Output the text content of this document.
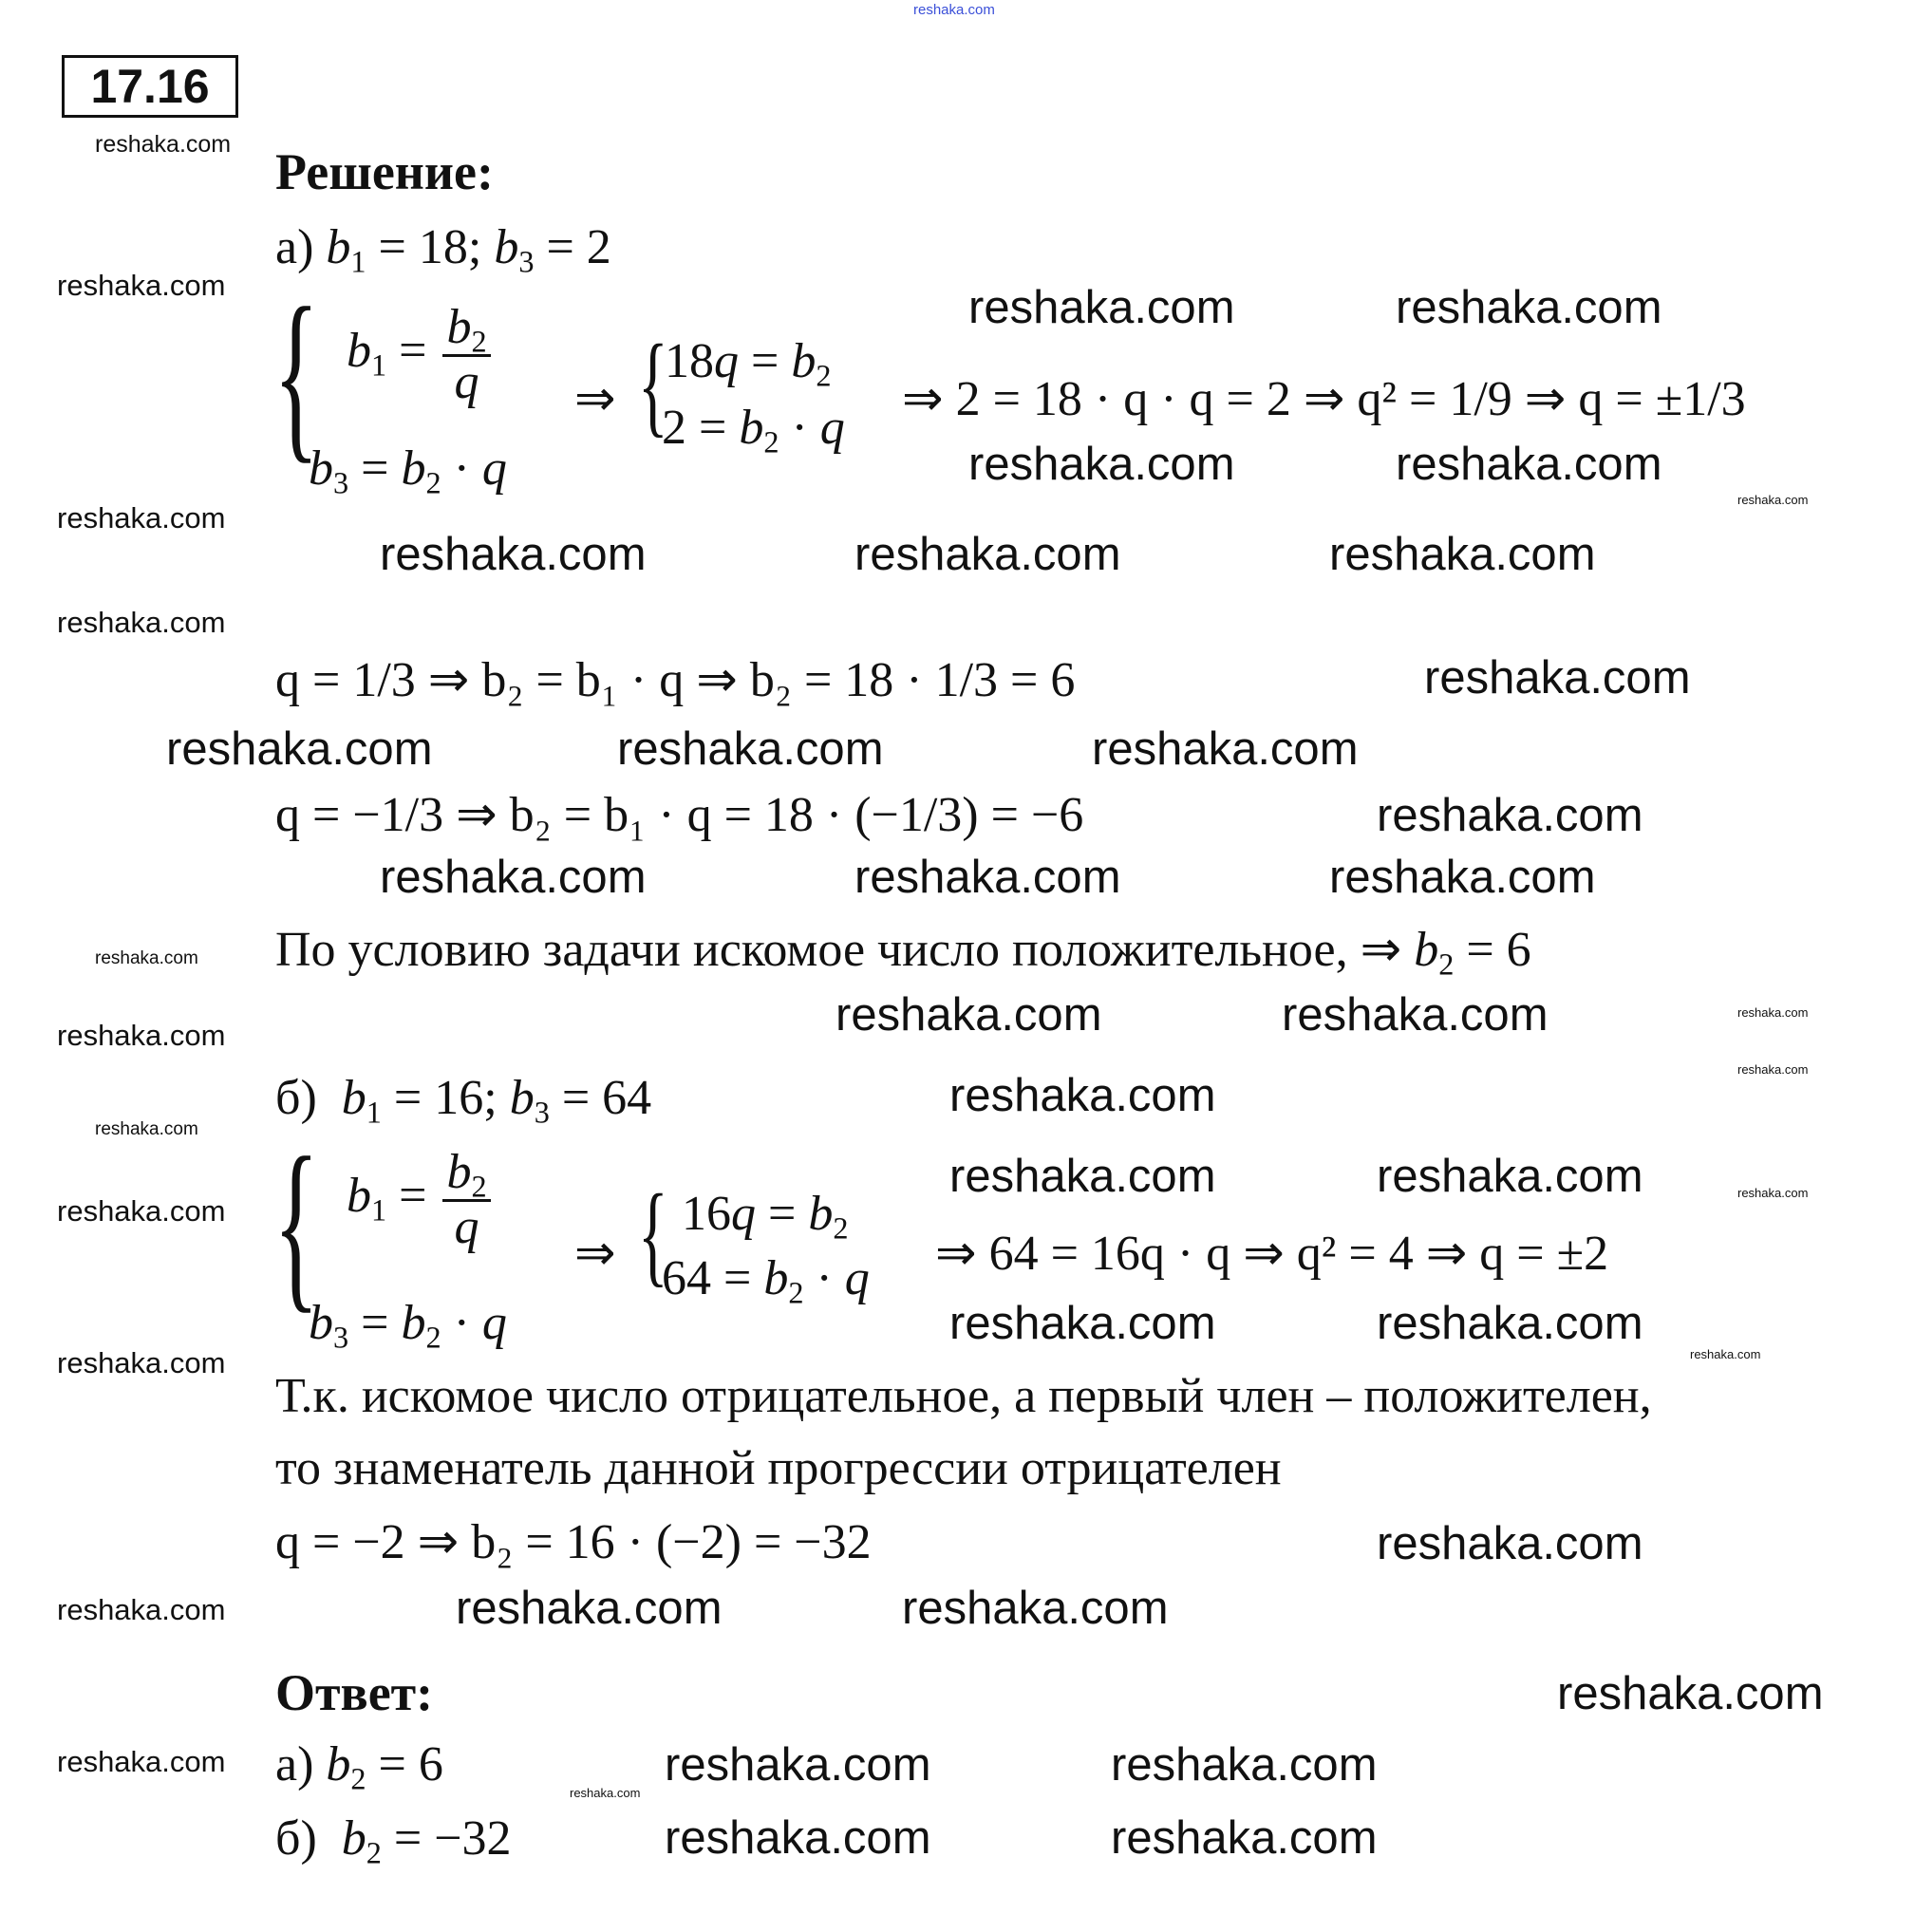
reshaka.com
17.16
Решение:
а) $b_1 = 18$; $b_3 = 2$
{ $b_1 = \frac{b_2}{q}$
$b_3 = b_2 \cdot q$
⇒ {
$18q = b_2$
$2 = b_2 \cdot q$
⇒ 2 = 18 · q · q = 2 ⇒ q² = 1/9 ⇒ q = ±1/3
q = 1/3 ⇒ b₂ = b₁ · q ⇒ b₂ = 18 · 1/3 = 6
q = −1/3 ⇒ b₂ = b₁ · q = 18 · (−1/3) = −6
По условию задачи искомое число положительное, ⇒ $b_2 = 6$
б) $b_1 = 16$; $b_3 = 64$
{ $b_1 = \frac{b_2}{q}$
$b_3 = b_2 \cdot q$
⇒ { $16q = b_2$
$64 = b_2 \cdot q$ ⇒ 64 = 16q · q ⇒ q² = 4 ⇒ q = ±2
Т.к. искомое число отрицательное, а первый член – положителен,
то знаменатель данной прогрессии отрицателен
q = −2 ⇒ b₂ = 16 · (−2) = −32
Ответ:
а) $b_2 = 6$
б) $b_2 = -32$
reshaka.com
reshaka.com
reshaka.com
reshaka.com
reshaka.com
reshaka.com
reshaka.com
reshaka.com
reshaka.com
reshaka.com
reshaka.com
reshaka.com	reshaka.com
reshaka.com	reshaka.com
reshaka.com	reshaka.com	reshaka.com
reshaka.com
reshaka.com	reshaka.com	reshaka.com
reshaka.com
reshaka.com	reshaka.com	reshaka.com
reshaka.com	reshaka.com
reshaka.com
reshaka.com	reshaka.com
reshaka.com	reshaka.com
reshaka.com
reshaka.com	reshaka.com
reshaka.com
reshaka.com	reshaka.com
reshaka.com	reshaka.com
reshaka.com
reshaka.com
reshaka.com
reshaka.com
reshaka.com
reshaka.com
